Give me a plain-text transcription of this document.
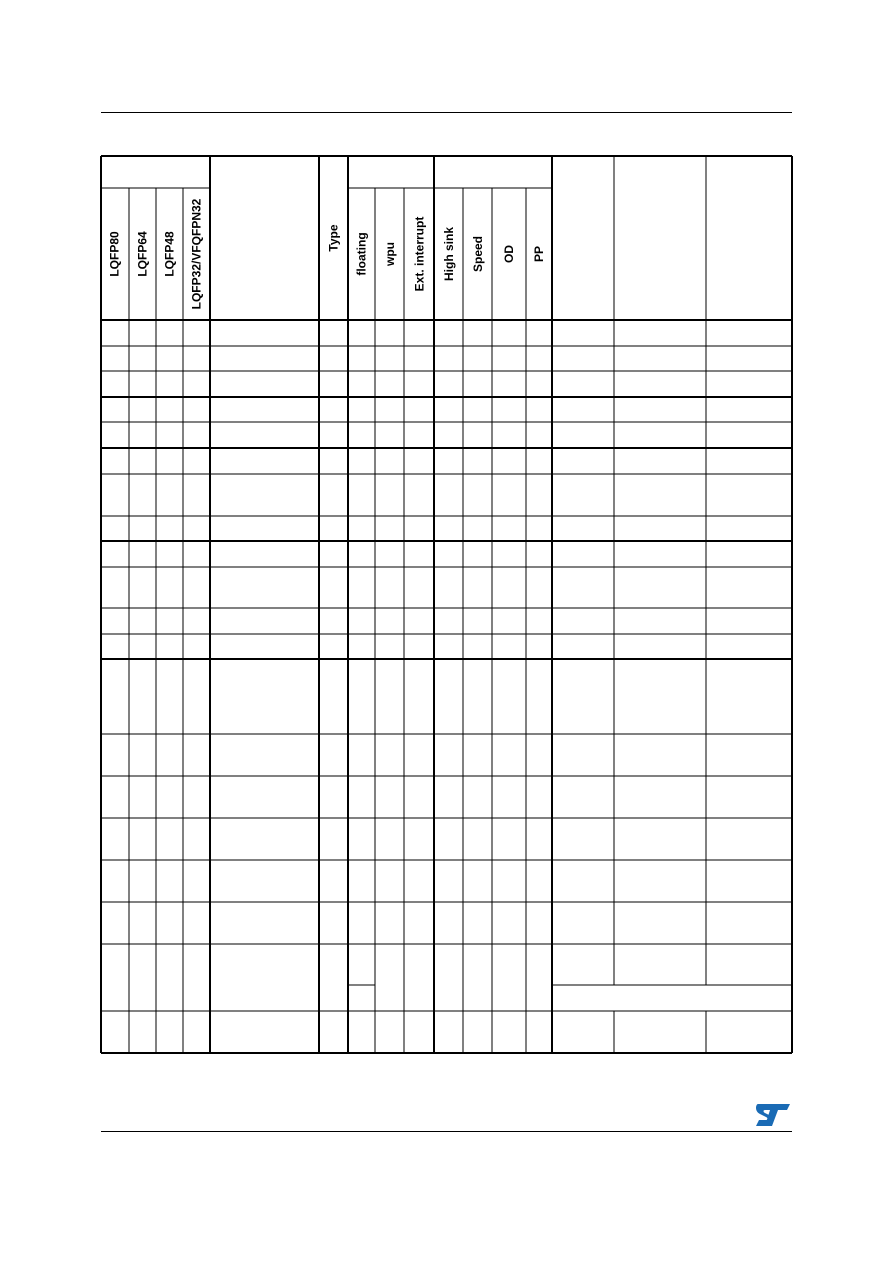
LQFP80 LQFP64 LQFP48 LQFP32/VFQFPN32	Type floating wpu Ext. interrupt High sink Speed OD PP
